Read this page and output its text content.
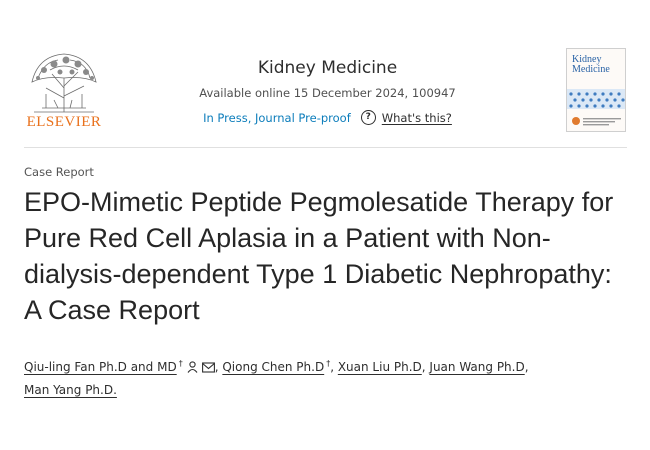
ELSEVIER
Kidney Medicine
Available online 15 December 2024, 100947
In Press, Journal Pre-proof	? What's this?
Kidney
Medicine
Case Report
EPO-Mimetic Peptide Pegmolesatide Therapy for Pure Red Cell Aplasia in a Patient with Non-dialysis-dependent Type 1 Diabetic Nephropathy: A Case Report
Qiu-ling Fan Ph.D and MD †	, Qiong Chen Ph.D †, Xuan Liu Ph.D, Juan Wang Ph.D,
Man Yang Ph.D.
